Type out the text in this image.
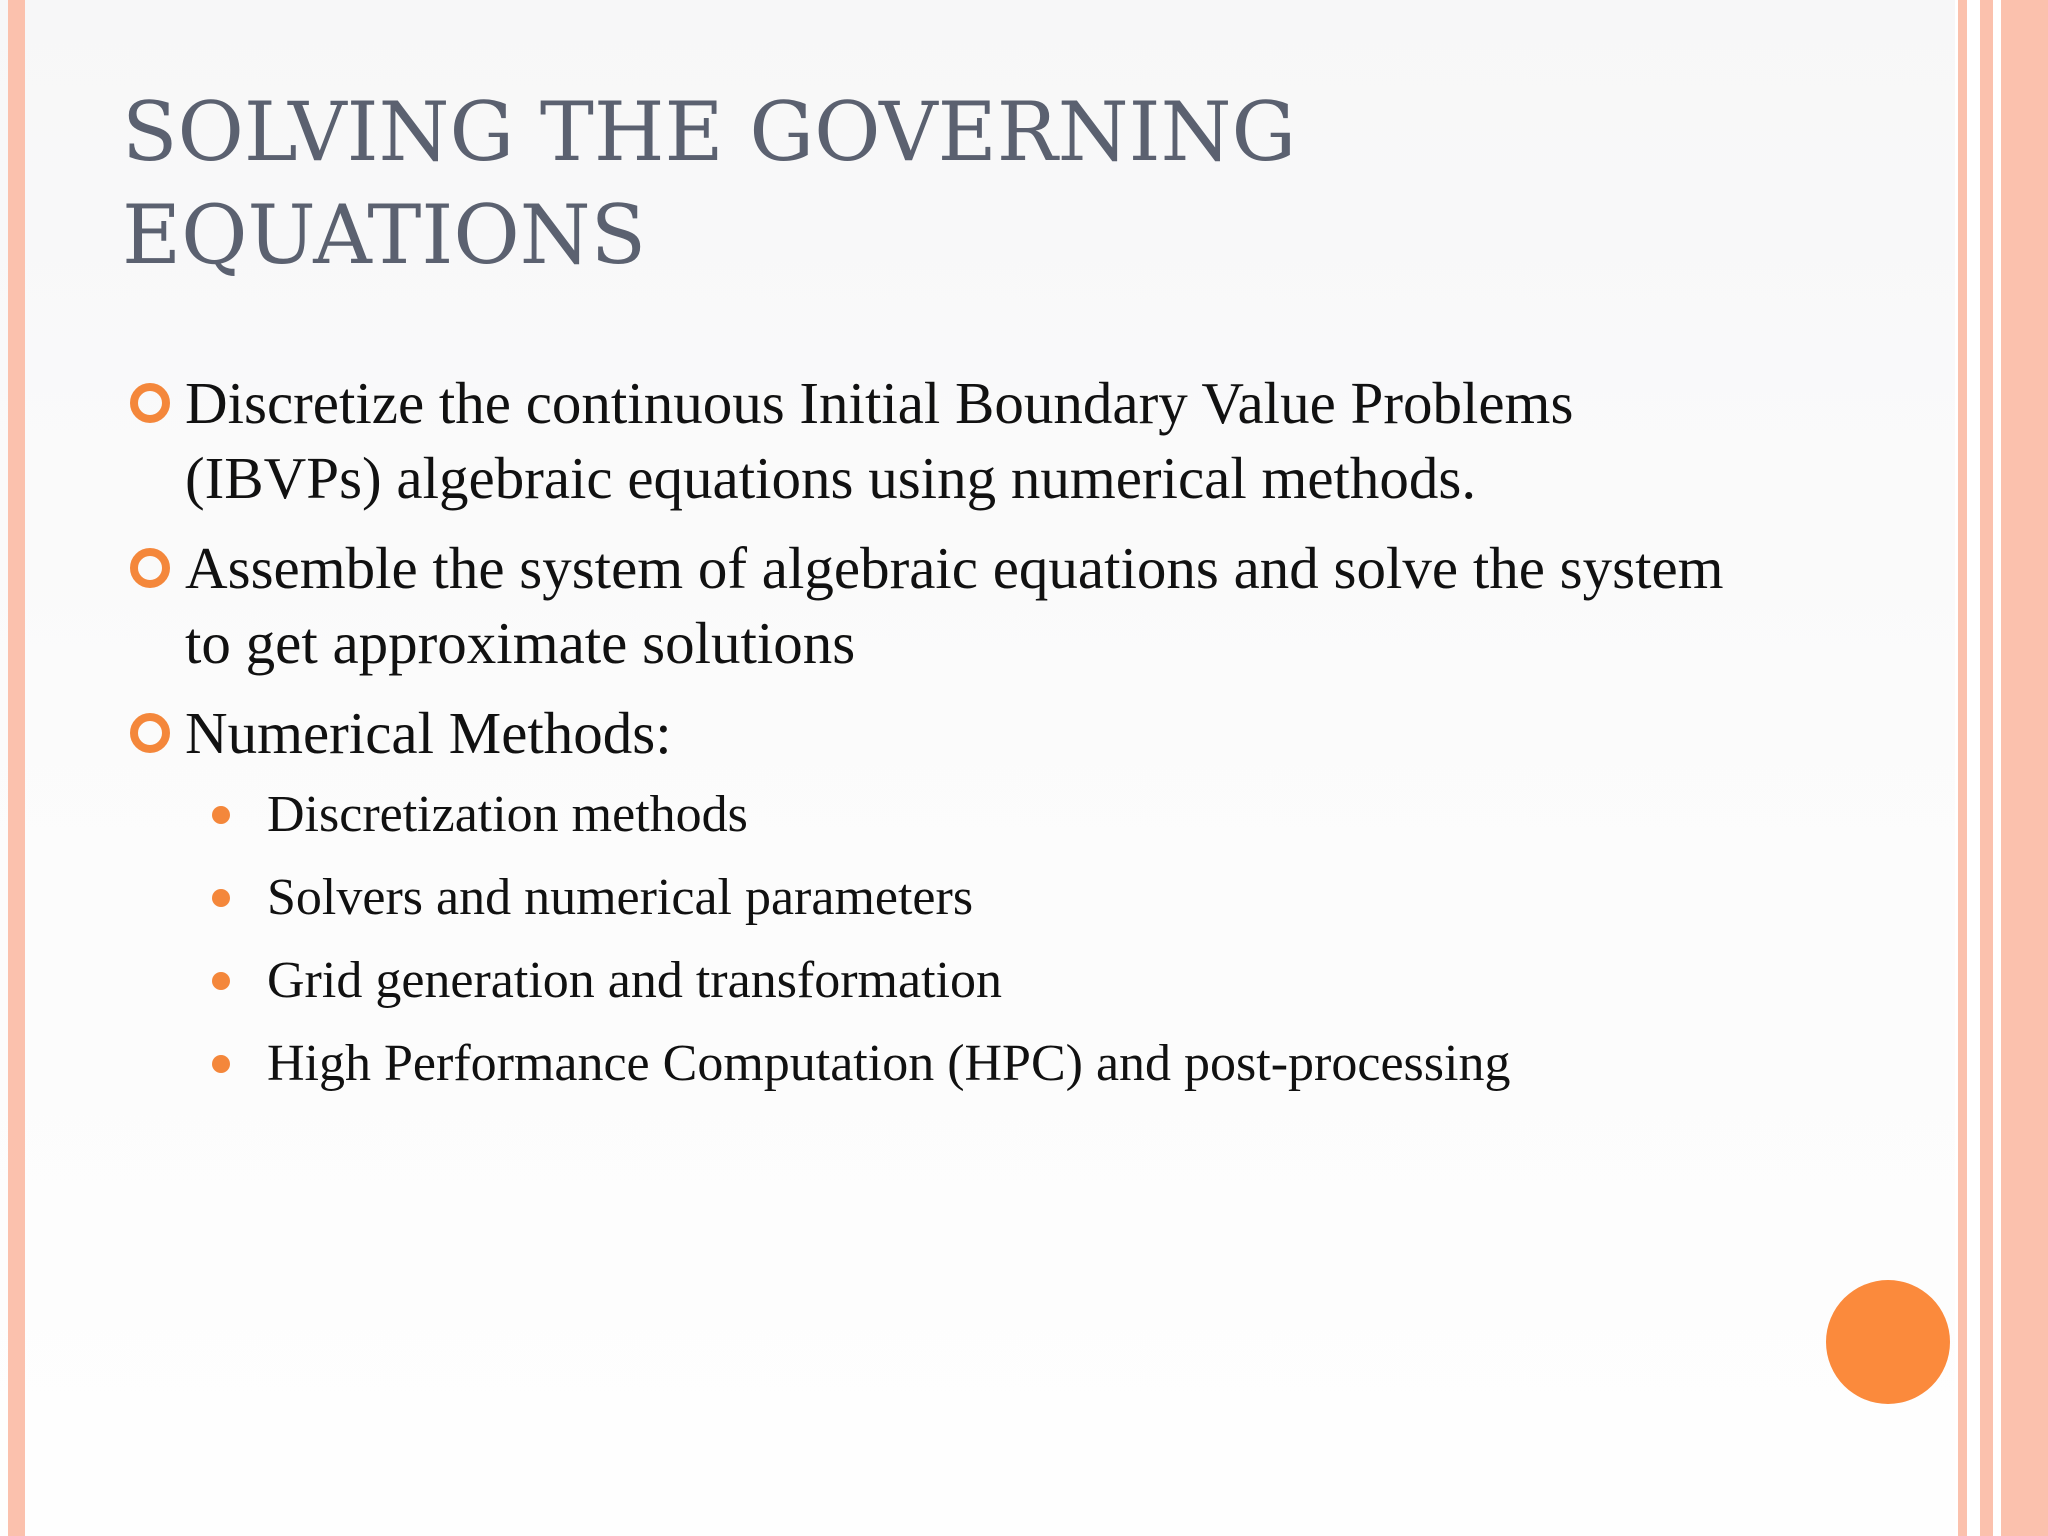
SOLVING THE GOVERNING EQUATIONS
Discretize the continuous Initial Boundary Value Problems (IBVPs) algebraic equations using numerical methods.
Assemble the system of algebraic equations and solve the system to get approximate solutions
Numerical Methods:
Discretization methods
Solvers and numerical parameters
Grid generation and transformation
High Performance Computation (HPC) and post-processing
